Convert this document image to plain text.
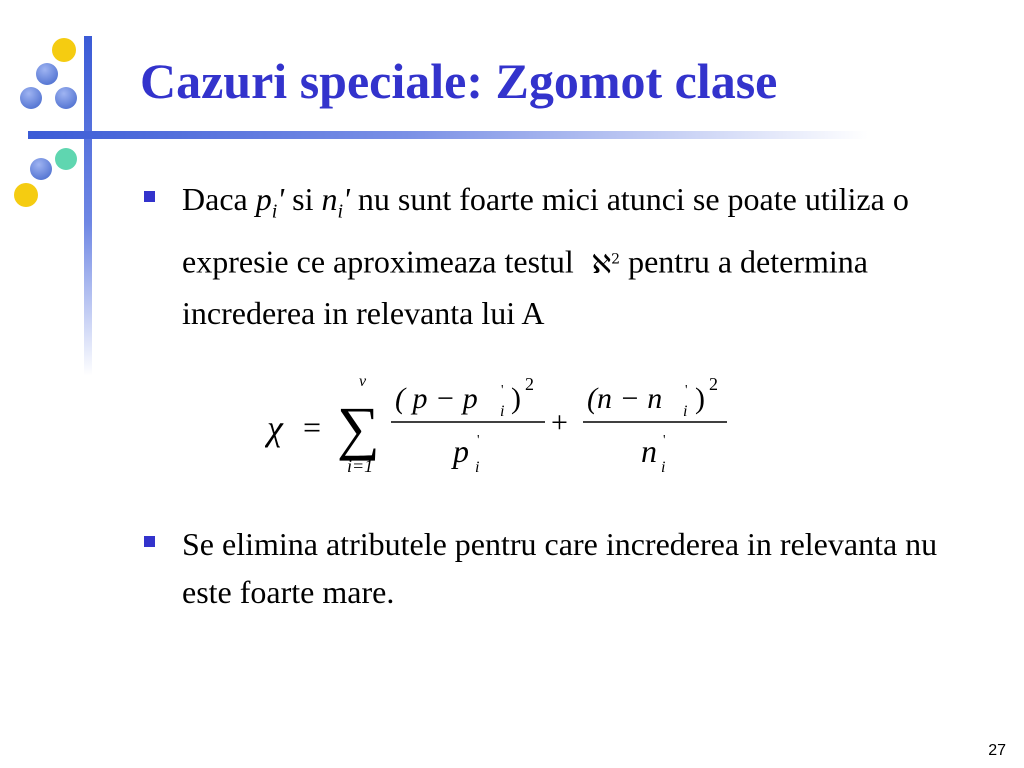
Cazuri speciale: Zgomot clase
Daca $p_i'$ si $n_i'$ nu sunt foarte mici atunci se poate utiliza o expresie ce aproximeaza testul ℵ$^2$ pentru a determina increderea in relevanta lui A
χ =
v
∑
i=1
( p − p '
i ) 2
p '
i
+
(n − n '
i ) 2
n '
i
Se elimina atributele pentru care increderea in relevanta nu este foarte mare.
27
